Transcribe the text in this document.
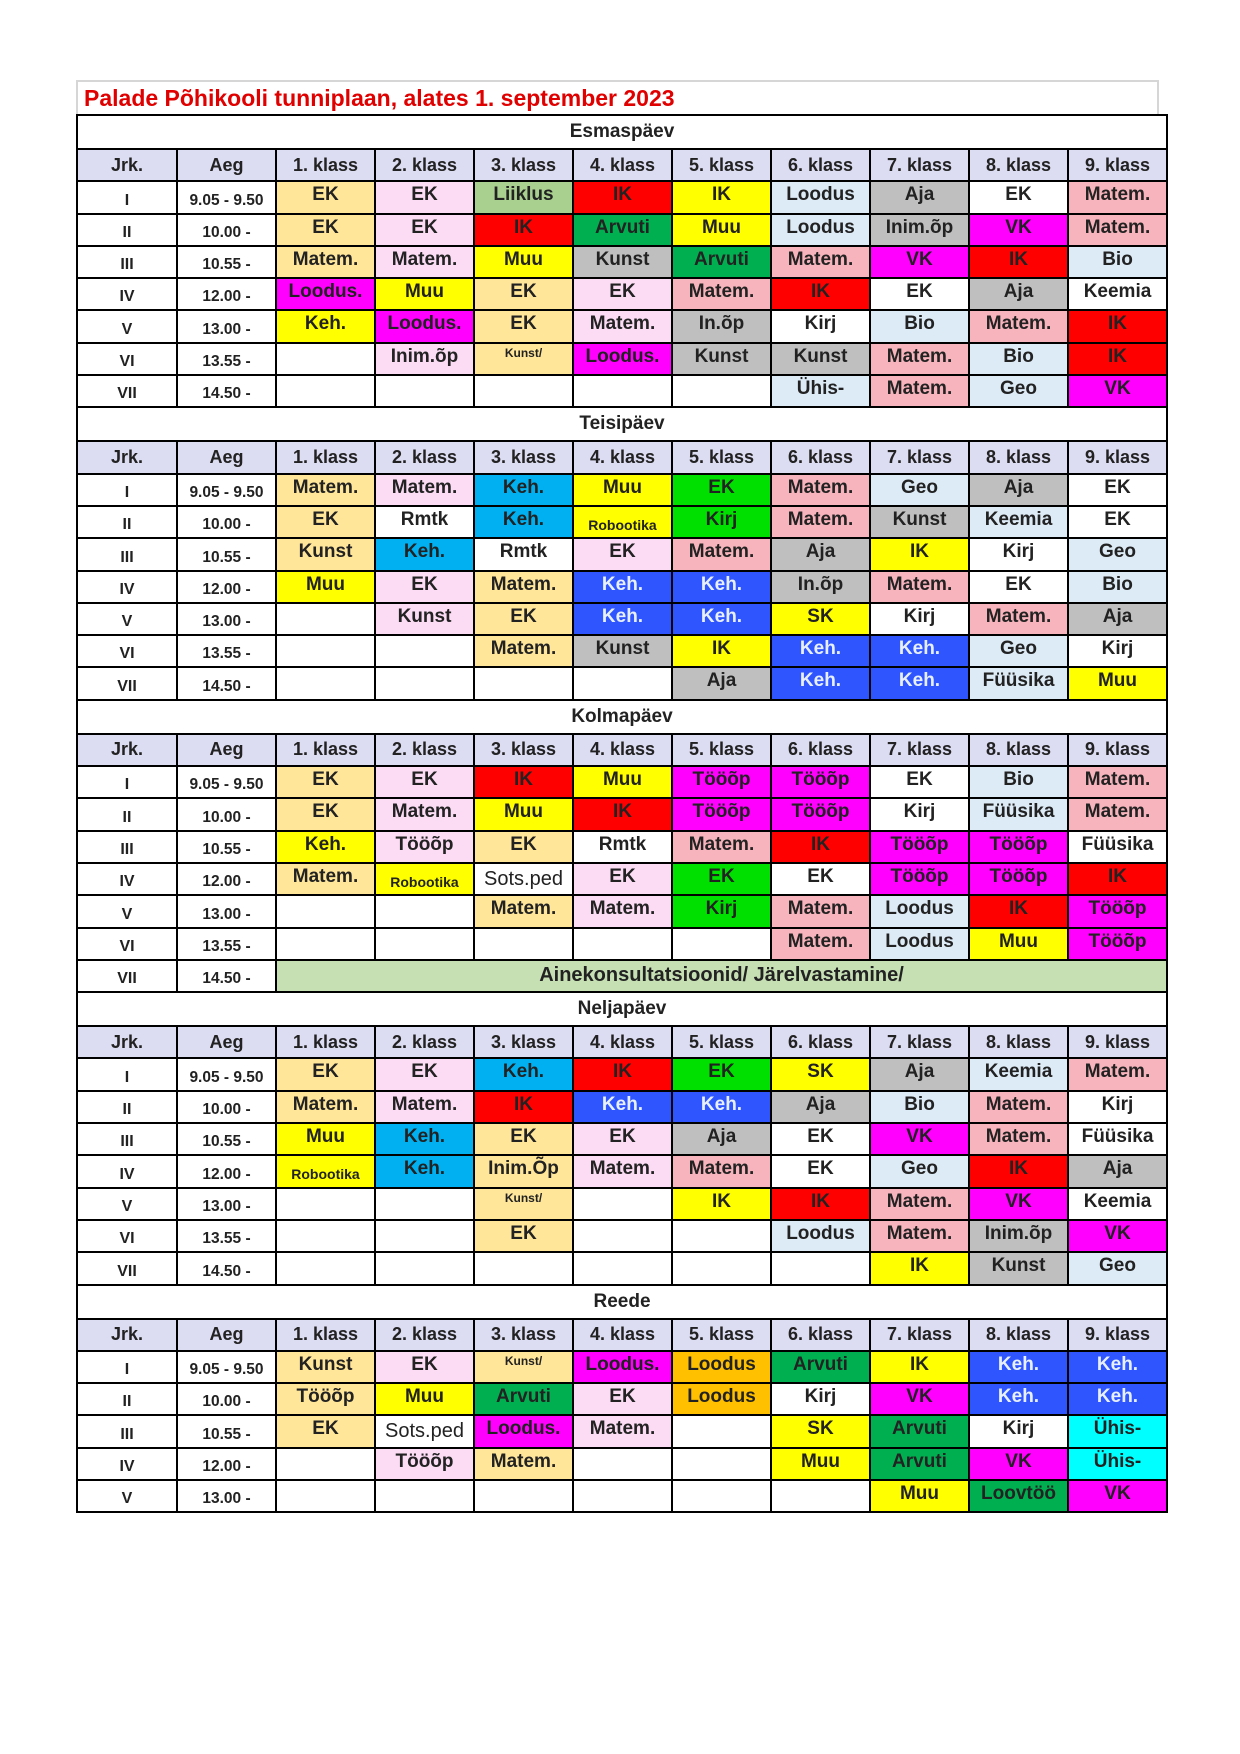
Palade Põhikooli tunniplaan, alates 1. september 2023
Esmaspäev										
Jrk.	Aeg	1. klass	2. klass	3. klass	4. klass	5. klass	6. klass	7. klass	8. klass	9. klass
I	9.05 - 9.50	EK	EK	Liiklus	IK	IK	Loodus	Aja	EK	Matem.
II	10.00 -	EK	EK	IK	Arvuti	Muu	Loodus	Inim.õp	VK	Matem.
III	10.55 -	Matem.	Matem.	Muu	Kunst	Arvuti	Matem.	VK	IK	Bio
IV	12.00 -	Loodus.	Muu	EK	EK	Matem.	IK	EK	Aja	Keemia
V	13.00 -	Keh.	Loodus.	EK	Matem.	In.õp	Kirj	Bio	Matem.	IK
VI	13.55 -		Inim.õp	Kunst/	Loodus.	Kunst	Kunst	Matem.	Bio	IK
VII	14.50 -						Ühis-	Matem.	Geo	VK
Teisipäev										
Jrk.	Aeg	1. klass	2. klass	3. klass	4. klass	5. klass	6. klass	7. klass	8. klass	9. klass
I	9.05 - 9.50	Matem.	Matem.	Keh.	Muu	EK	Matem.	Geo	Aja	EK
II	10.00 -	EK	Rmtk	Keh.	Robootika	Kirj	Matem.	Kunst	Keemia	EK
III	10.55 -	Kunst	Keh.	Rmtk	EK	Matem.	Aja	IK	Kirj	Geo
IV	12.00 -	Muu	EK	Matem.	Keh.	Keh.	In.õp	Matem.	EK	Bio
V	13.00 -		Kunst	EK	Keh.	Keh.	SK	Kirj	Matem.	Aja
VI	13.55 -			Matem.	Kunst	IK	Keh.	Keh.	Geo	Kirj
VII	14.50 -					Aja	Keh.	Keh.	Füüsika	Muu
Kolmapäev										
Jrk.	Aeg	1. klass	2. klass	3. klass	4. klass	5. klass	6. klass	7. klass	8. klass	9. klass
I	9.05 - 9.50	EK	EK	IK	Muu	Tööõp	Tööõp	EK	Bio	Matem.
II	10.00 -	EK	Matem.	Muu	IK	Tööõp	Tööõp	Kirj	Füüsika	Matem.
III	10.55 -	Keh.	Tööõp	EK	Rmtk	Matem.	IK	Tööõp	Tööõp	Füüsika
IV	12.00 -	Matem.	Robootika	Sots.ped	EK	EK	EK	Tööõp	Tööõp	IK
V	13.00 -			Matem.	Matem.	Kirj	Matem.	Loodus	IK	Tööõp
VI	13.55 -						Matem.	Loodus	Muu	Tööõp
VII	14.50 -	Ainekonsultatsioonid/ Järelvastamine/								
Neljapäev										
Jrk.	Aeg	1. klass	2. klass	3. klass	4. klass	5. klass	6. klass	7. klass	8. klass	9. klass
I	9.05 - 9.50	EK	EK	Keh.	IK	EK	SK	Aja	Keemia	Matem.
II	10.00 -	Matem.	Matem.	IK	Keh.	Keh.	Aja	Bio	Matem.	Kirj
III	10.55 -	Muu	Keh.	EK	EK	Aja	EK	VK	Matem.	Füüsika
IV	12.00 -	Robootika	Keh.	Inim.Õp	Matem.	Matem.	EK	Geo	IK	Aja
V	13.00 -			Kunst/		IK	IK	Matem.	VK	Keemia
VI	13.55 -			EK			Loodus	Matem.	Inim.õp	VK
VII	14.50 -							IK	Kunst	Geo
Reede										
Jrk.	Aeg	1. klass	2. klass	3. klass	4. klass	5. klass	6. klass	7. klass	8. klass	9. klass
I	9.05 - 9.50	Kunst	EK	Kunst/	Loodus.	Loodus	Arvuti	IK	Keh.	Keh.
II	10.00 -	Tööõp	Muu	Arvuti	EK	Loodus	Kirj	VK	Keh.	Keh.
III	10.55 -	EK	Sots.ped	Loodus.	Matem.		SK	Arvuti	Kirj	Ühis-
IV	12.00 -		Tööõp	Matem.			Muu	Arvuti	VK	Ühis-
V	13.00 -							Muu	Loovtöö	VK
